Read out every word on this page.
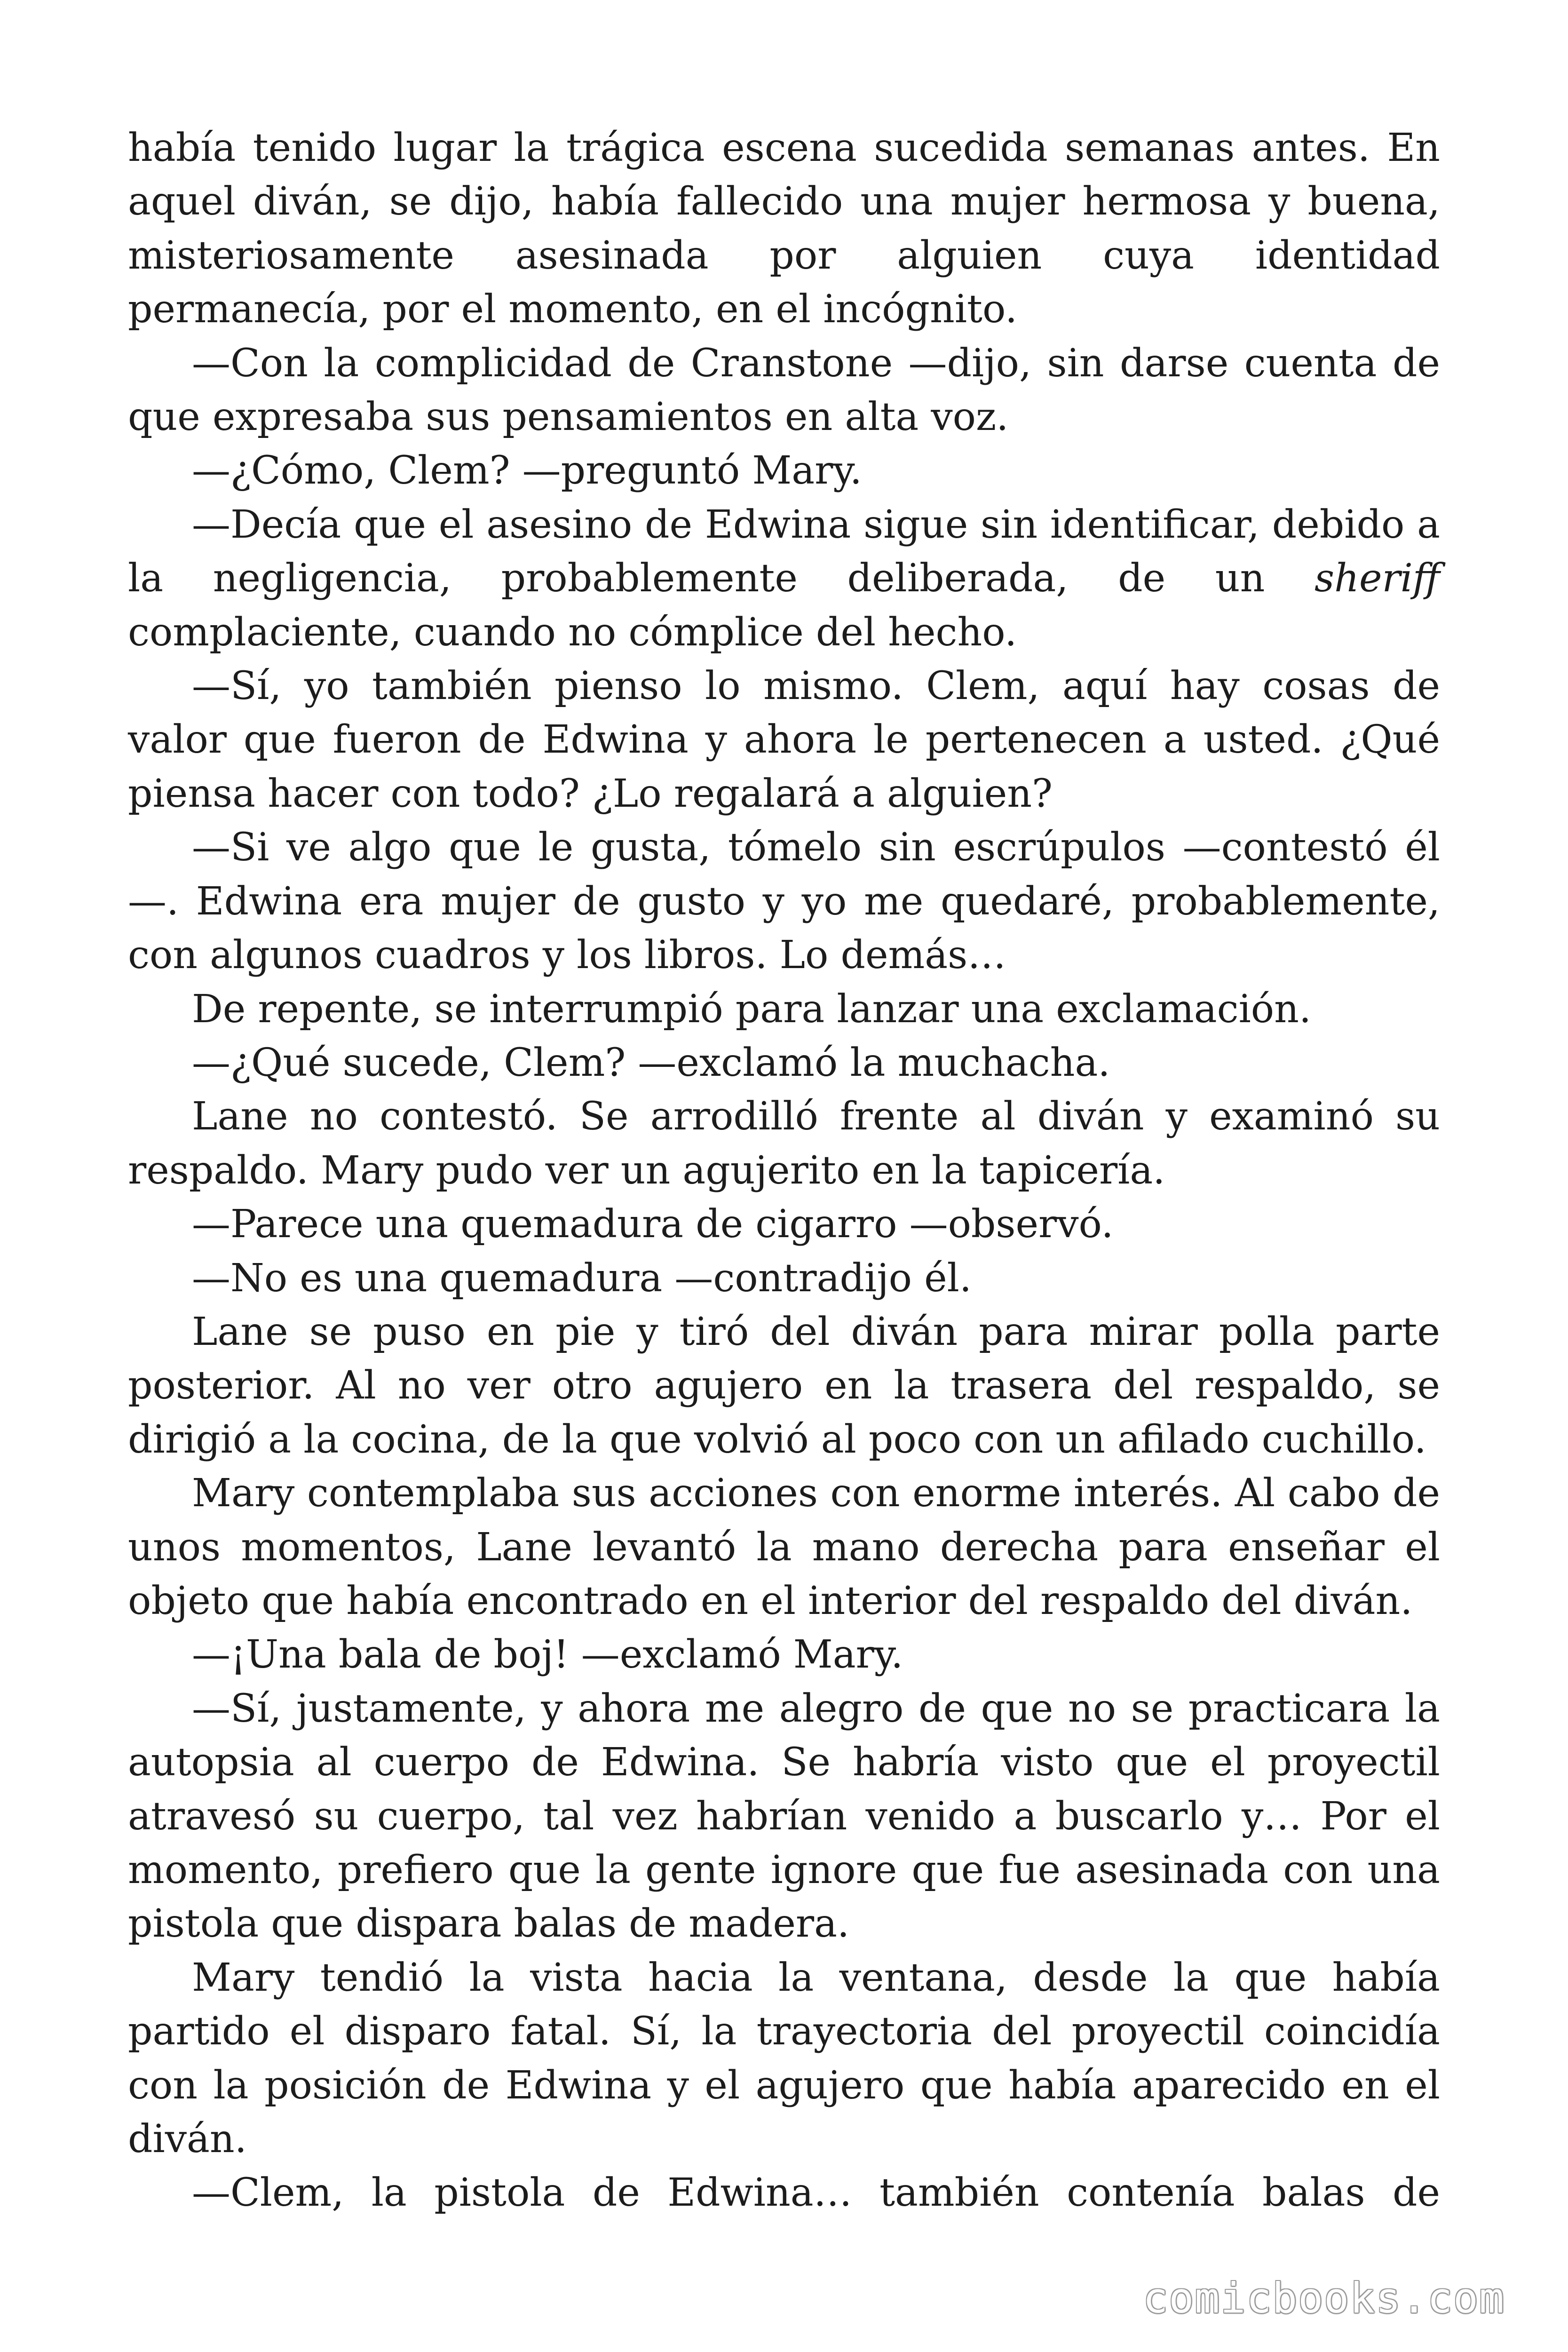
había tenido lugar la trágica escena sucedida semanas antes. En aquel diván, se dijo, había fallecido una mujer hermosa y buena, misteriosamente asesinada por alguien cuya identidad permanecía, por el momento, en el incógnito.

—Con la complicidad de Cranstone —dijo, sin darse cuenta de que expresaba sus pensamientos en alta voz.

—¿Cómo, Clem? —preguntó Mary.

—Decía que el asesino de Edwina sigue sin identificar, debido a la negligencia, probablemente deliberada, de un sheriff complaciente, cuando no cómplice del hecho.

—Sí, yo también pienso lo mismo. Clem, aquí hay cosas de valor que fueron de Edwina y ahora le pertenecen a usted. ¿Qué piensa hacer con todo? ¿Lo regalará a alguien?

—Si ve algo que le gusta, tómelo sin escrúpulos —contestó él—. Edwina era mujer de gusto y yo me quedaré, probablemente, con algunos cuadros y los libros. Lo demás…

De repente, se interrumpió para lanzar una exclamación.

—¿Qué sucede, Clem? —exclamó la muchacha.

Lane no contestó. Se arrodilló frente al diván y examinó su respaldo. Mary pudo ver un agujerito en la tapicería.

—Parece una quemadura de cigarro —observó.

—No es una quemadura —contradijo él.

Lane se puso en pie y tiró del diván para mirar polla parte posterior. Al no ver otro agujero en la trasera del respaldo, se dirigió a la cocina, de la que volvió al poco con un afilado cuchillo.

Mary contemplaba sus acciones con enorme interés. Al cabo de unos momentos, Lane levantó la mano derecha para enseñar el objeto que había encontrado en el interior del respaldo del diván.

—¡Una bala de boj! —exclamó Mary.

—Sí, justamente, y ahora me alegro de que no se practicara la autopsia al cuerpo de Edwina. Se habría visto que el proyectil atravesó su cuerpo, tal vez habrían venido a buscarlo y… Por el momento, prefiero que la gente ignore que fue asesinada con una pistola que dispara balas de madera.

Mary tendió la vista hacia la ventana, desde la que había partido el disparo fatal. Sí, la trayectoria del proyectil coincidía con la posición de Edwina y el agujero que había aparecido en el diván.

—Clem, la pistola de Edwina… también contenía balas de

comicbooks.com
